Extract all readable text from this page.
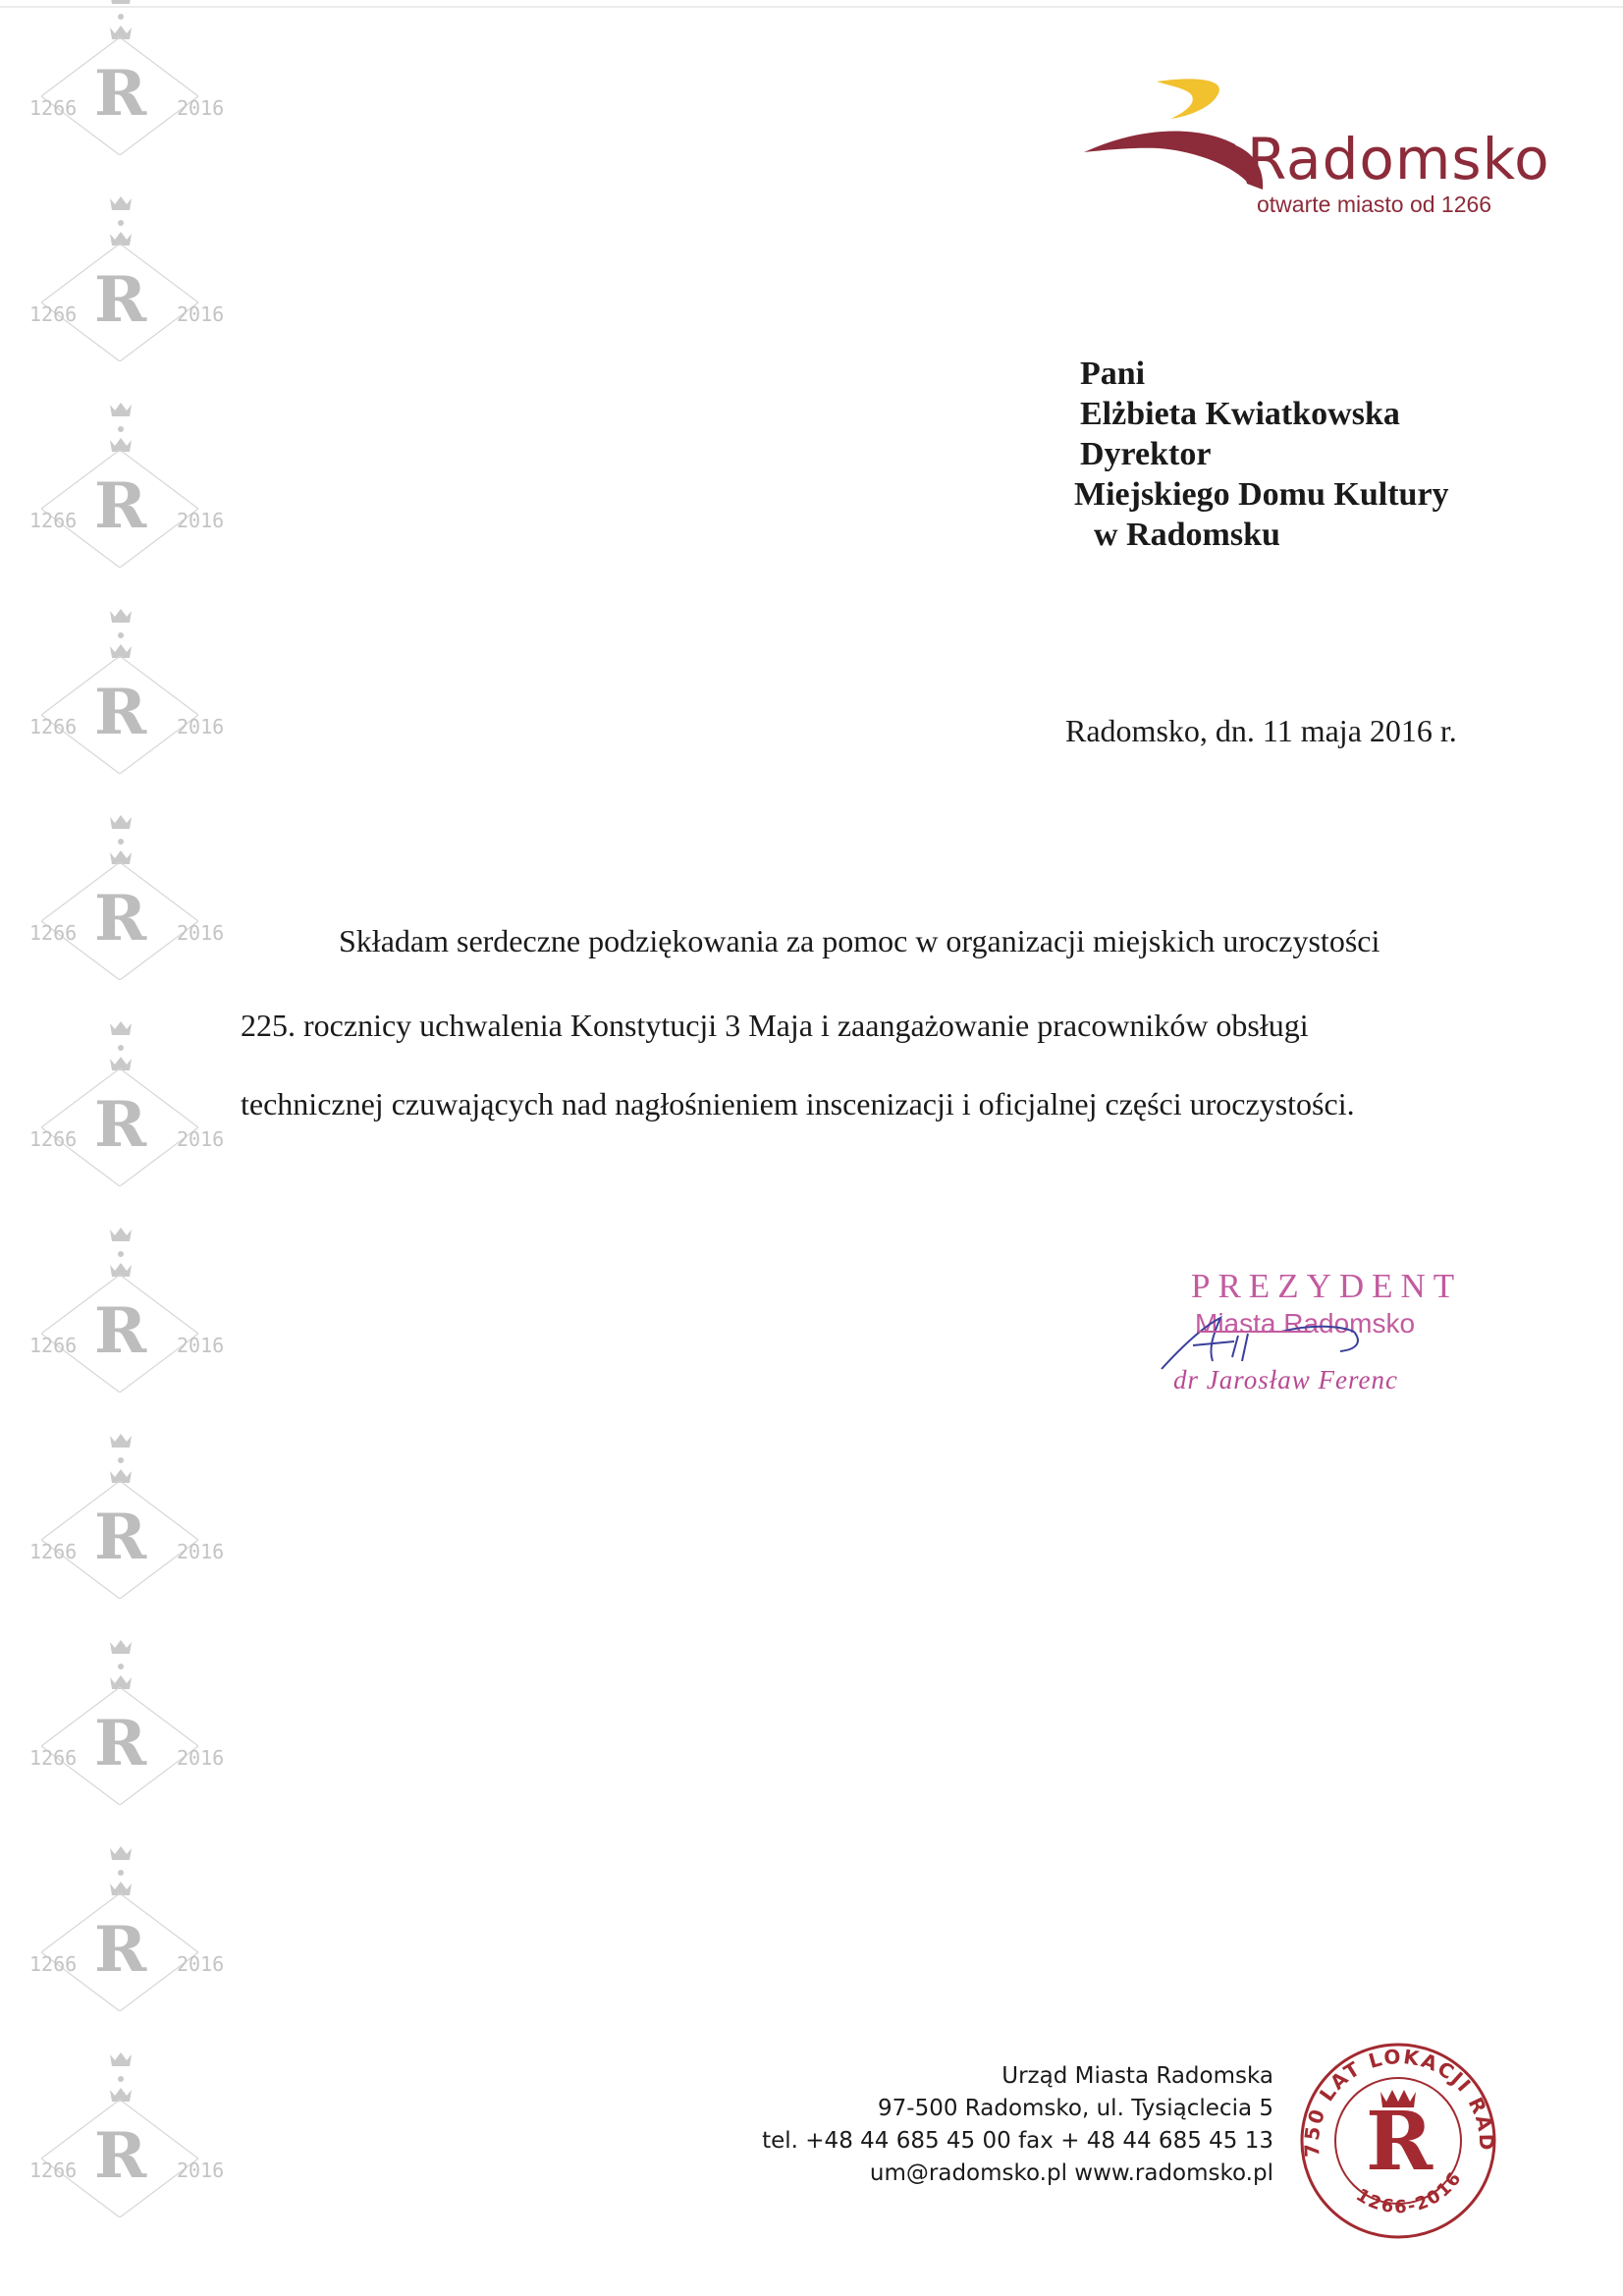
R
1266	2016
R
1266	2016
R
1266	2016
R
1266	2016
R
1266	2016
R
1266	2016
R
1266	2016
R
1266	2016
R
1266	2016
R
1266	2016
R
1266	2016
Radomsko
otwarte miasto od 1266
Pani
Elżbieta Kwiatkowska
Dyrektor
Miejskiego Domu Kultury
w Radomsku
Radomsko, dn. 11 maja 2016 r.
Składam serdeczne podziękowania za pomoc w organizacji miejskich uroczystości
225. rocznicy uchwalenia Konstytucji 3 Maja i zaangażowanie pracowników obsługi
technicznej czuwających nad nagłośnieniem inscenizacji i oficjalnej części uroczystości.
PREZYDENT
Miasta Radomsko
dr Jarosław Ferenc
Urząd Miasta Radomska
97-500 Radomsko, ul. Tysiąclecia 5
tel. +48 44 685 45 00 fax + 48 44 685 45 13
um@radomsko.pl www.radomsko.pl
750 LAT LOKACJI RAD
1266-2016
R
